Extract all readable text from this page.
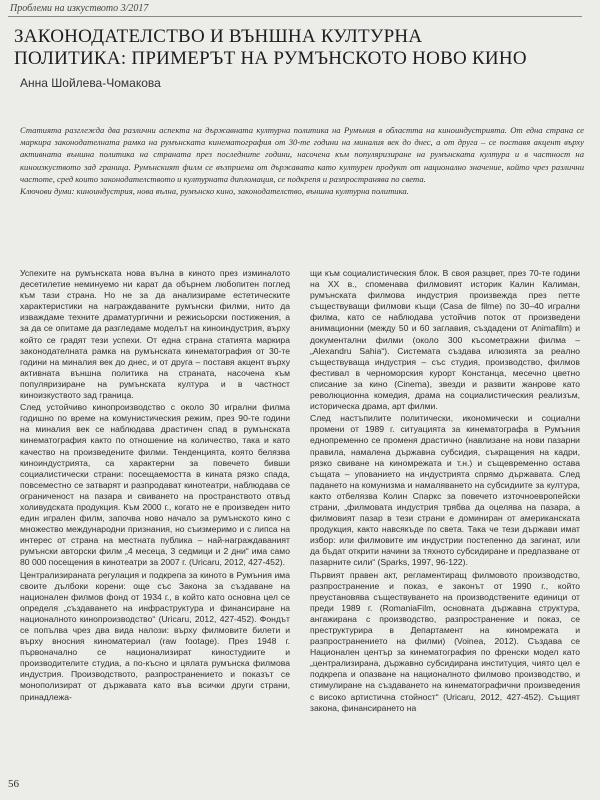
Проблеми на изкуството 3/2017
ЗАКОНОДАТЕЛСТВО И ВЪНШНА КУЛТУРНА
ПОЛИТИКА: ПРИМЕРЪТ НА РУМЪНСКОТО НОВО КИНО
Анна Шойлева-Чомакова
Статията разглежда два различни аспекта на държавната културна политика на Румъния в областта на киноиндустрията. От една страна се маркира законодателната рамка на румънската кинематография от 30-те години на миналия век до днес, а от друга – се поставя акцент върху активната външна политика на страната през последните години, насочена към популяризиране на румънската култура и в частност на киноизкуството зад граница. Румънският филм се възприема от държавата като културен продукт от национално значение, който чрез различни частоте, сред които законодателството и културната дипломация, се подкрепя и разпространява по света.
Ключови думи: киноиндустрия, нова вълна, румънско кино, законодателство, външна културна политика.

Успехите на румънската нова вълна в киното през изминалото десетилетие неминуемо ни карат да обърнем любопитен поглед към тази страна. Но не за да анализираме естетическите характеристики на награждаваните румънски филми, нито да изваждаме техните драматургични и режисьорски постижения, а за да се опитаме да разгледаме моделът на киноиндустрия, върху който се градят тези успехи. От една страна статията маркира законодателната рамка на румънската кинематография от 30-те години на миналия век до днес, и от друга – поставя акцент върху активната външна политика на страната, насочена към популяризиране на румънската култура и в частност киноизкуството зад граница.

След устойчиво кинопроизводство с около 30 игрални филма годишно по време на комунистическия режим, през 90-те години на миналия век се наблюдава драстичен спад в румънската кинематография както по отношение на количество, така и като качество на произведените филми. Тенденцията, която белязва киноиндустрията, са характерни за повечето бивши социалистически страни: посещаемостта в кината рязко спада, повсеместно се затварят и разпродават кинотеатри, наблюдава се ограниченост на пазара и свиването на пространството отвъд холивудската продукция. Към 2000 г., когато не е произведен нито един игрален филм, започва ново начало за румънското кино с множество международни признания, но съизмеримо и с липса на интерес от страна на местната публика – най-награждаваният румънски авторски филм „4 месеца, 3 седмици и 2 дни“ има само 80 000 посещения в кинотеатри за 2007 г. (Uricaru, 2012, 427-452).

Централизираната регулация и подкрепа за киното в Румъния има своите дълбоки корени: още със Закона за създаване на национален филмов фонд от 1934 г., в който като основна цел се определя „създаването на инфраструктура и финансиране на националното кинопроизводство“ (Uricaru, 2012, 427-452). Фондът се попълва чрез два вида налози: върху филмовите билети и върху вносния киноматериал (raw footage). През 1948 г. първоначално се национализират киностудиите и производителите студиа, а по-късно и цялата румънска филмова индустрия. Производството, разпространението и показът се монополизират от държавата като във всички други страни, принадлежа-

щи към социалистическия блок. В своя разцвет, през 70-те години на XX в., споменава филмовият историк Калин Калиман, румънската филмова индустрия произвежда през петте съществуващи филмови къщи (Casa de filme) по 30–40 игрални филма, като се наблюдава устойчив поток от произведени анимационни (между 50 и 60 заглавия, създадени от Animafilm) и документални филми (около 300 късометражни филма – „Alexandru Sahia“). Системата създава илюзията за реално съществуваща индустрия – със студия, производство, филмов фестивал в черноморския курорт Констанца, месечно цветно списание за кино (Cinema), звезди и развити жанрове като революционна комедия, драма на социалистическия реализъм, историческа драма, арт филми.

След настъпилите политически, икономически и социални промени от 1989 г. ситуацията за кинематографа в Румъния еднопременно се променя драстично (навлизане на нови пазарни правила, намалена държавна субсидия, съкращения на кадри, рязко свиване на киномрежата и т.н.) и същевременно остава същата – упованието на индустрията спрямо държавата. След падането на комунизма и намаляването на субсидиите за култура, както отбелязва Колин Спаркс за повечето източноевропейски страни, „филмовата индустрия трябва да оцелява на пазара, а филмовият пазар в тези страни е доминиран от американската продукция, както навсякъде по света. Така че тези държави имат избор: или филмовите им индустрии постепенно да загинат, или да бъдат открити начини за тяхното субсидиране и предпазване от пазарните сили“ (Sparks, 1997, 96-122).

Първият правен акт, регламентиращ филмовото производство, разпространение и показ, е законът от 1990 г., който преустановява съществуването на производствените единици от преди 1989 г. (RomaniaFilm, основната държавна структура, ангажирана с производство, разпространение и показ, се преструктурира в Департамент на киномрежата и разпространението на филми) (Voinea, 2012). Създава се Национален център за кинематография по френски модел като „централизирана, държавно субсидирана институция, чиято цел е подкрепа и опазване на националното филмово производство, и стимулиране на създаването на кинематографични произведения с високо артистична стойност“ (Uricaru, 2012, 427-452). Същият закона, финансирането на

56
